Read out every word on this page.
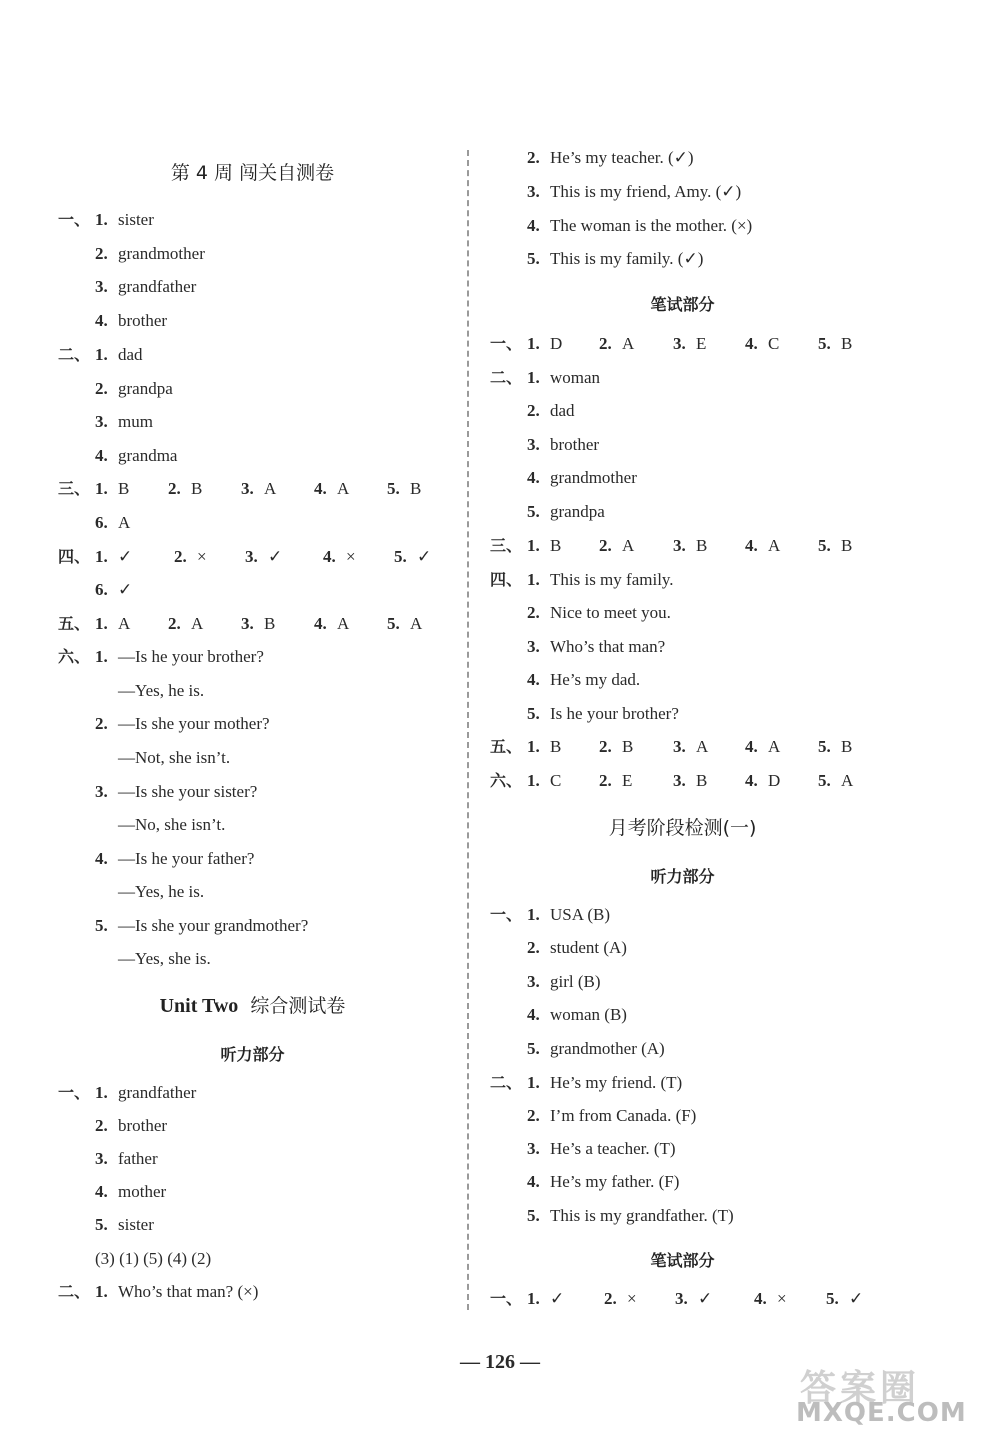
第 4 周 闯关自测卷
一、 1. sister
2. grandmother
3. grandfather
4. brother
二、 1. dad
2. grandpa
3. mum
4. grandma
三、 1. B 2. B 3. A 4. A 5. B
6. A
四、 1. ✓ 2. × 3. ✓ 4. × 5. ✓
6. ✓
五、 1. A 2. A 3. B 4. A 5. A
六、 1. —Is he your brother?
—Yes, he is.
2. —Is she your mother?
—Not, she isn’t.
3. —Is she your sister?
—No, she isn’t.
4. —Is he your father?
—Yes, he is.
5. —Is she your grandmother?
—Yes, she is.
Unit Two 综合测试卷
听力部分
一、 1. grandfather
2. brother
3. father
4. mother
5. sister
(3) (1) (5) (4) (2)
二、 1. Who’s that man? (×)
2. He’s my teacher. (✓)
3. This is my friend, Amy. (✓)
4. The woman is the mother. (×)
5. This is my family. (✓)
笔试部分
一、 1. D 2. A 3. E 4. C 5. B
二、 1. woman
2. dad
3. brother
4. grandmother
5. grandpa
三、 1. B 2. A 3. B 4. A 5. B
四、 1. This is my family.
2. Nice to meet you.
3. Who’s that man?
4. He’s my dad.
5. Is he your brother?
五、 1. B 2. B 3. A 4. A 5. B
六、 1. C 2. E 3. B 4. D 5. A
月考阶段检测(一)
听力部分
一、 1. USA (B)
2. student (A)
3. girl (B)
4. woman (B)
5. grandmother (A)
二、 1. He’s my friend. (T)
2. I’m from Canada. (F)
3. He’s a teacher. (T)
4. He’s my father. (F)
5. This is my grandfather. (T)
笔试部分
一、 1. ✓ 2. × 3. ✓ 4. × 5. ✓
— 126 —
答案圈
MXQE.COM
